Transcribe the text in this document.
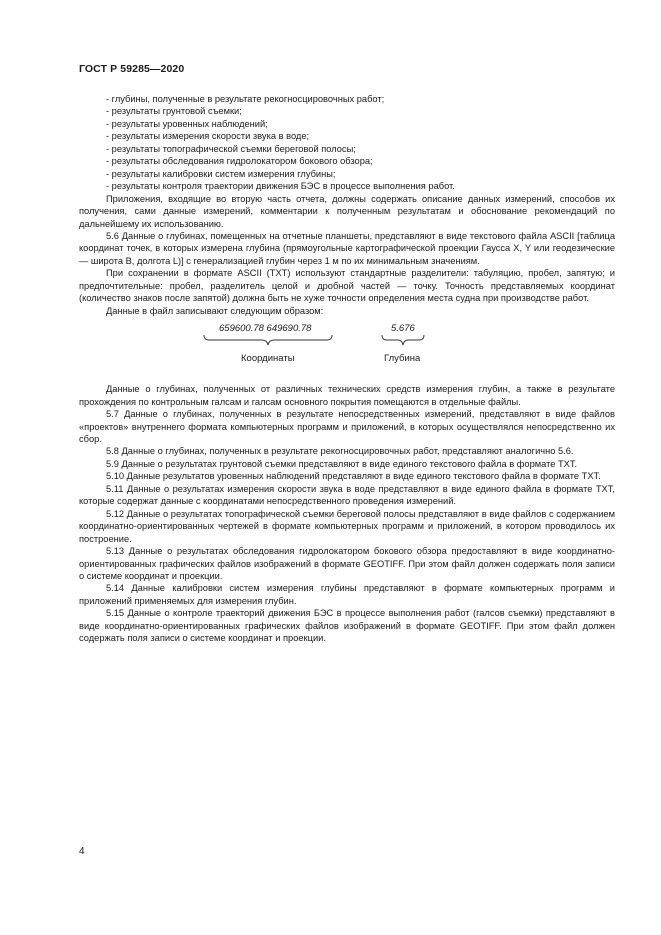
ГОСТ Р 59285—2020

- глубины, полученные в результате рекогносцировочных работ;

- результаты грунтовой съемки;

- результаты уровенных наблюдений;

- результаты измерения скорости звука в воде;

- результаты топографической съемки береговой полосы;

- результаты обследования гидролокатором бокового обзора;

- результаты калибровки систем измерения глубины;

- результаты контроля траектории движения БЭС в процессе выполнения работ.

Приложения, входящие во вторую часть отчета, должны содержать описание данных измерений, способов их получения, сами данные измерений, комментарии к полученным результатам и обоснование рекомендаций по дальнейшему их использованию.

5.6 Данные о глубинах, помещенных на отчетные планшеты, представляют в виде текстового файла ASCII [таблица координат точек, в которых измерена глубина (прямоугольные картографической проекции Гаусса X, Y или геодезические — широта B, долгота L)] с генерализацией глубин через 1 м по их минимальным значениям.

При сохранении в формате ASCII (TXT) используют стандартные разделители: табуляцию, пробел, запятую; и предпочтительные: пробел, разделитель целой и дробной частей — точку. Точность представляемых координат (количество знаков после запятой) должна быть не хуже точности определения места судна при производстве работ.

Данные в файл записывают следующим образом:

659600.78 649690.78	5.676
Координаты	Глубина

Данные о глубинах, полученных от различных технических средств измерения глубин, а также в результате прохождения по контрольным галсам и галсам основного покрытия помещаются в отдельные файлы.

5.7 Данные о глубинах, полученных в результате непосредственных измерений, представляют в виде файлов «проектов» внутреннего формата компьютерных программ и приложений, в которых осуществлялся непосредственно их сбор.

5.8 Данные о глубинах, полученных в результате рекогносцировочных работ, представляют аналогично 5.6.

5.9 Данные о результатах грунтовой съемки представляют в виде единого текстового файла в формате TXT.

5.10 Данные результатов уровенных наблюдений представляют в виде единого текстового файла в формате TXT.

5.11 Данные о результатах измерения скорости звука в воде представляют в виде единого файла в формате TXT, которые содержат данные с координатами непосредственного проведения измерений.

5.12 Данные о результатах топографической съемки береговой полосы представляют в виде файлов с содержанием координатно-ориентированных чертежей в формате компьютерных программ и приложений, в котором проводилось их построение.

5.13 Данные о результатах обследования гидролокатором бокового обзора предоставляют в виде координатно-ориентированных графических файлов изображений в формате GEOTIFF. При этом файл должен содержать поля записи о системе координат и проекции.

5.14 Данные калибровки систем измерения глубины представляют в формате компьютерных программ и приложений применяемых для измерения глубин.

5.15 Данные о контроле траекторий движения БЭС в процессе выполнения работ (галсов съемки) представляют в виде координатно-ориентированных графических файлов изображений в формате GEOTIFF. При этом файл должен содержать поля записи о системе координат и проекции.

4
